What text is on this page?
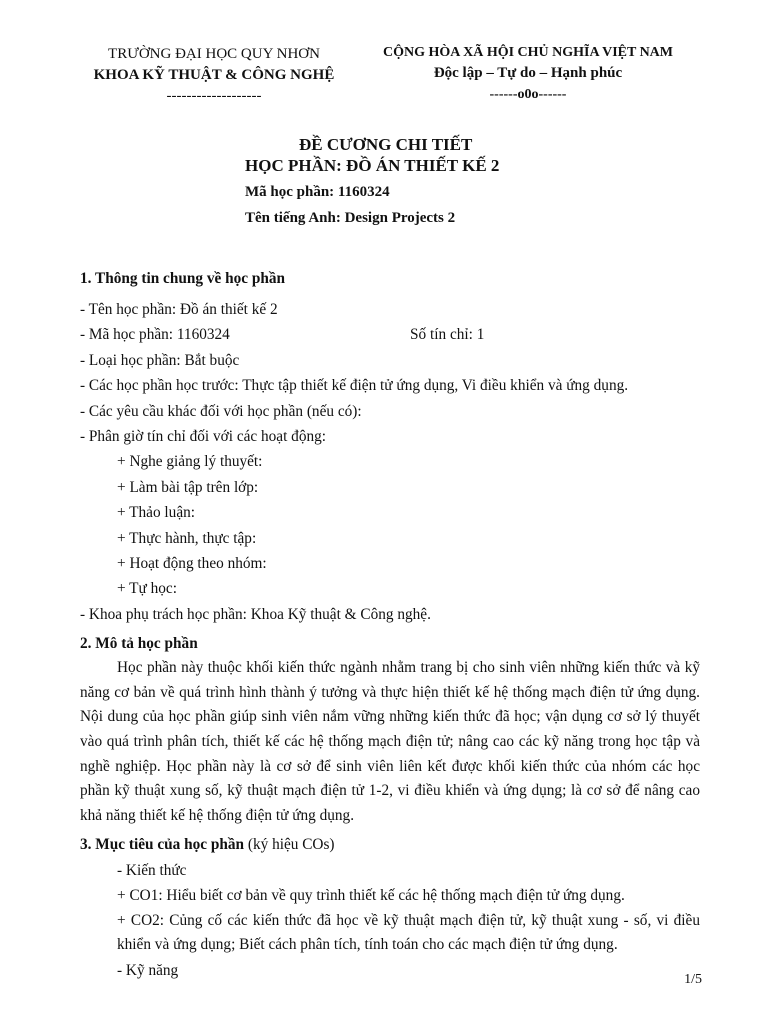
TRƯỜNG ĐẠI HỌC QUY NHƠN
KHOA KỸ THUẬT & CÔNG NGHỆ
-------------------
CỘNG HÒA XÃ HỘI CHỦ NGHĨA VIỆT NAM
Độc lập – Tự do – Hạnh phúc
------o0o------
ĐỀ CƯƠNG CHI TIẾT
HỌC PHẦN: ĐỒ ÁN THIẾT KẾ 2
Mã học phần: 1160324
Tên tiếng Anh: Design Projects 2
1. Thông tin chung về học phần
- Tên học phần: Đồ án thiết kế 2
- Mã học phần: 1160324	Số tín chỉ: 1
- Loại học phần: Bắt buộc
- Các học phần học trước: Thực tập thiết kế điện tử ứng dụng, Vi điều khiển và ứng dụng.
- Các yêu cầu khác đối với học phần (nếu có):
- Phân giờ tín chỉ đối với các hoạt động:
+ Nghe giảng lý thuyết:
+ Làm bài tập trên lớp:
+ Thảo luận:
+ Thực hành, thực tập:
+ Hoạt động theo nhóm:
+ Tự học:
- Khoa phụ trách học phần: Khoa Kỹ thuật & Công nghệ.
2. Mô tả học phần

Học phần này thuộc khối kiến thức ngành nhằm trang bị cho sinh viên những kiến thức và kỹ năng cơ bản về quá trình hình thành ý tưởng và thực hiện thiết kế hệ thống mạch điện tử ứng dụng. Nội dung của học phần giúp sinh viên nắm vững những kiến thức đã học; vận dụng cơ sở lý thuyết vào quá trình phân tích, thiết kế các hệ thống mạch điện tử; nâng cao các kỹ năng trong học tập và nghề nghiệp. Học phần này là cơ sở để sinh viên liên kết được khối kiến thức của nhóm các học phần kỹ thuật xung số, kỹ thuật mạch điện tử 1-2, vi điều khiển và ứng dụng; là cơ sở để nâng cao khả năng thiết kế hệ thống điện tử ứng dụng.

3. Mục tiêu của học phần (ký hiệu COs)
- Kiến thức
+ CO1: Hiểu biết cơ bản về quy trình thiết kế các hệ thống mạch điện tử ứng dụng.

+ CO2: Củng cố các kiến thức đã học về kỹ thuật mạch điện tử, kỹ thuật xung - số, vi điều khiển và ứng dụng; Biết cách phân tích, tính toán cho các mạch điện tử ứng dụng.

- Kỹ năng
1/5
